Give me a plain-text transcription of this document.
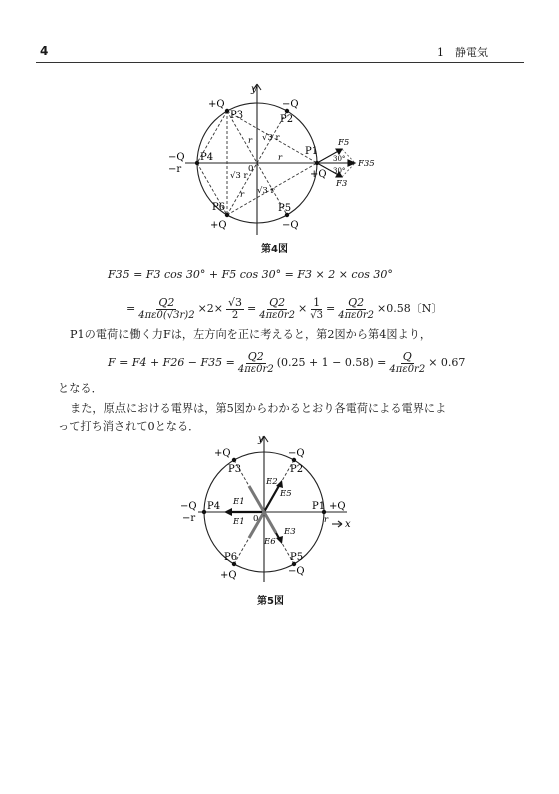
4	1　静電気
+Q	−Q
P3	P2
y
√3 r
r
−Q
−r
P4	r
P1
√3 r
0	+Q
√3 r
r
P6	P5
+Q	−Q
F5
F3
F35
30°
30°
第4図
F35 = F3 cos 30° + F5 cos 30° = F3 × 2 × cos 30°
= $\frac{Q2}{4\pi\varepsilon 0(√3r)2} \times 2\times \frac{√3}{2} = \frac{Q2}{4\pi\varepsilon 0r2} \times \frac{1}{√3} = \frac{Q2}{4\pi\varepsilon 0r2} \times 0.58$〔N〕
P1の電荷に働く力Fは，左方向を正に考えると，第2図から第4図より，
$F = F4 + F26 - F35 = \frac{Q2}{4\pi\varepsilon 0r2} (0.25 + 1 - 0.58) = \frac{Q}{4\pi\varepsilon 0r2} \times 0.67$
となる．
また，原点における電界は，第5図からわかるとおり各電荷による電界によ
って打ち消されて0となる．
+Q	−Q
y
P3	P2
E2
E5
−Q
−r
P4 E1
E1 0
P1 +Q
r x
E3
E6
P6	P5
+Q	−Q
第5図
